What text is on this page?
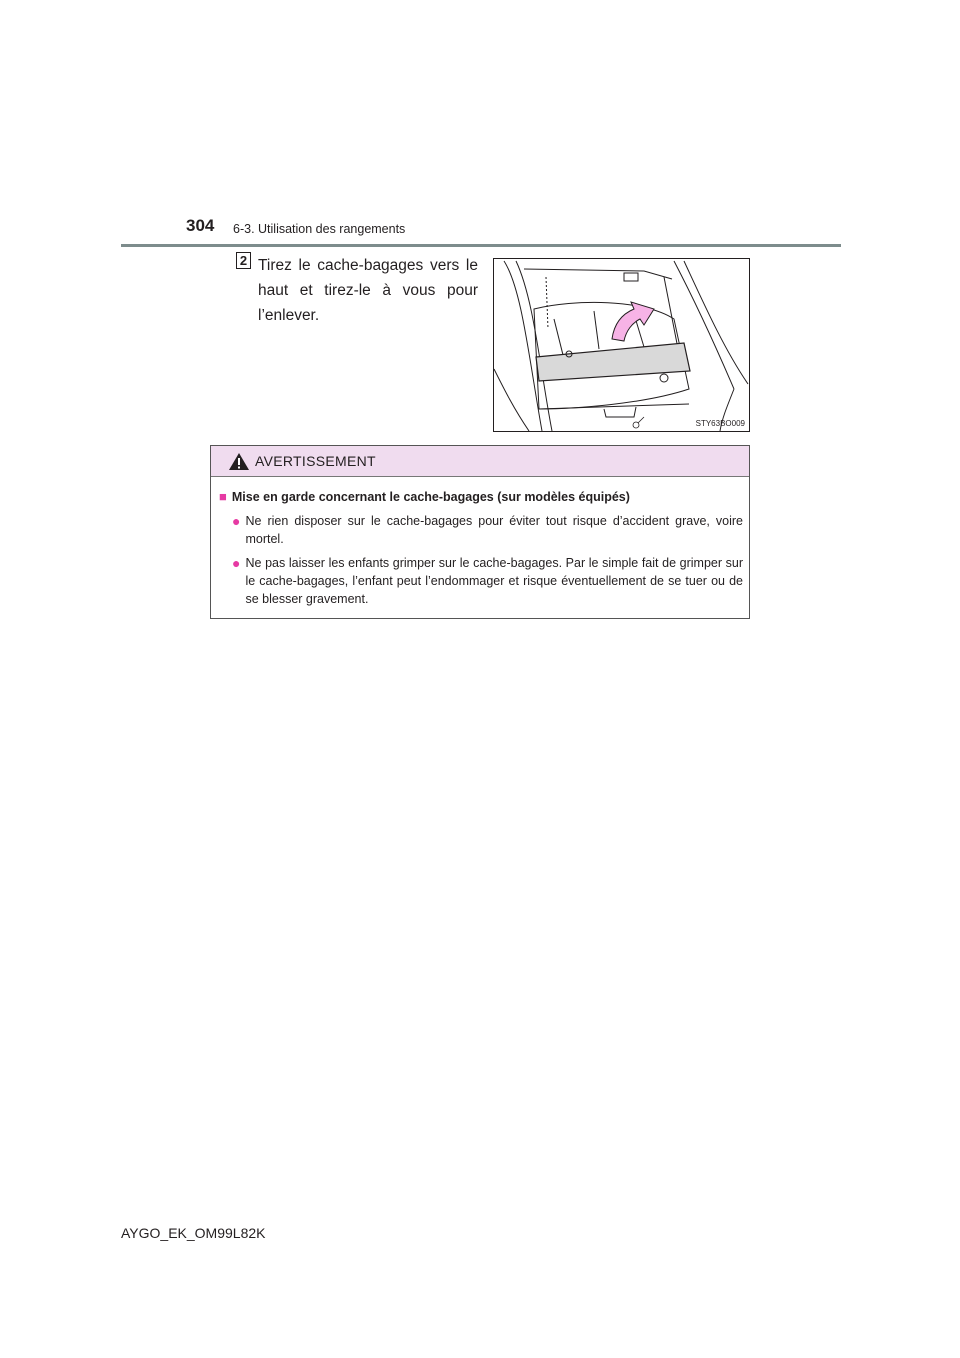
304 6-3. Utilisation des rangements
2 Tirez le cache-bagages vers le haut et tirez-le à vous pour l’enlever.
STY63BO009
AVERTISSEMENT
■ Mise en garde concernant le cache-bagages (sur modèles équipés)
● Ne rien disposer sur le cache-bagages pour éviter tout risque d’accident grave, voire mortel.
● Ne pas laisser les enfants grimper sur le cache-bagages. Par le simple fait de grimper sur le cache-bagages, l’enfant peut l’endommager et risque éventuellement de se tuer ou de se blesser gravement.
AYGO_EK_OM99L82K
